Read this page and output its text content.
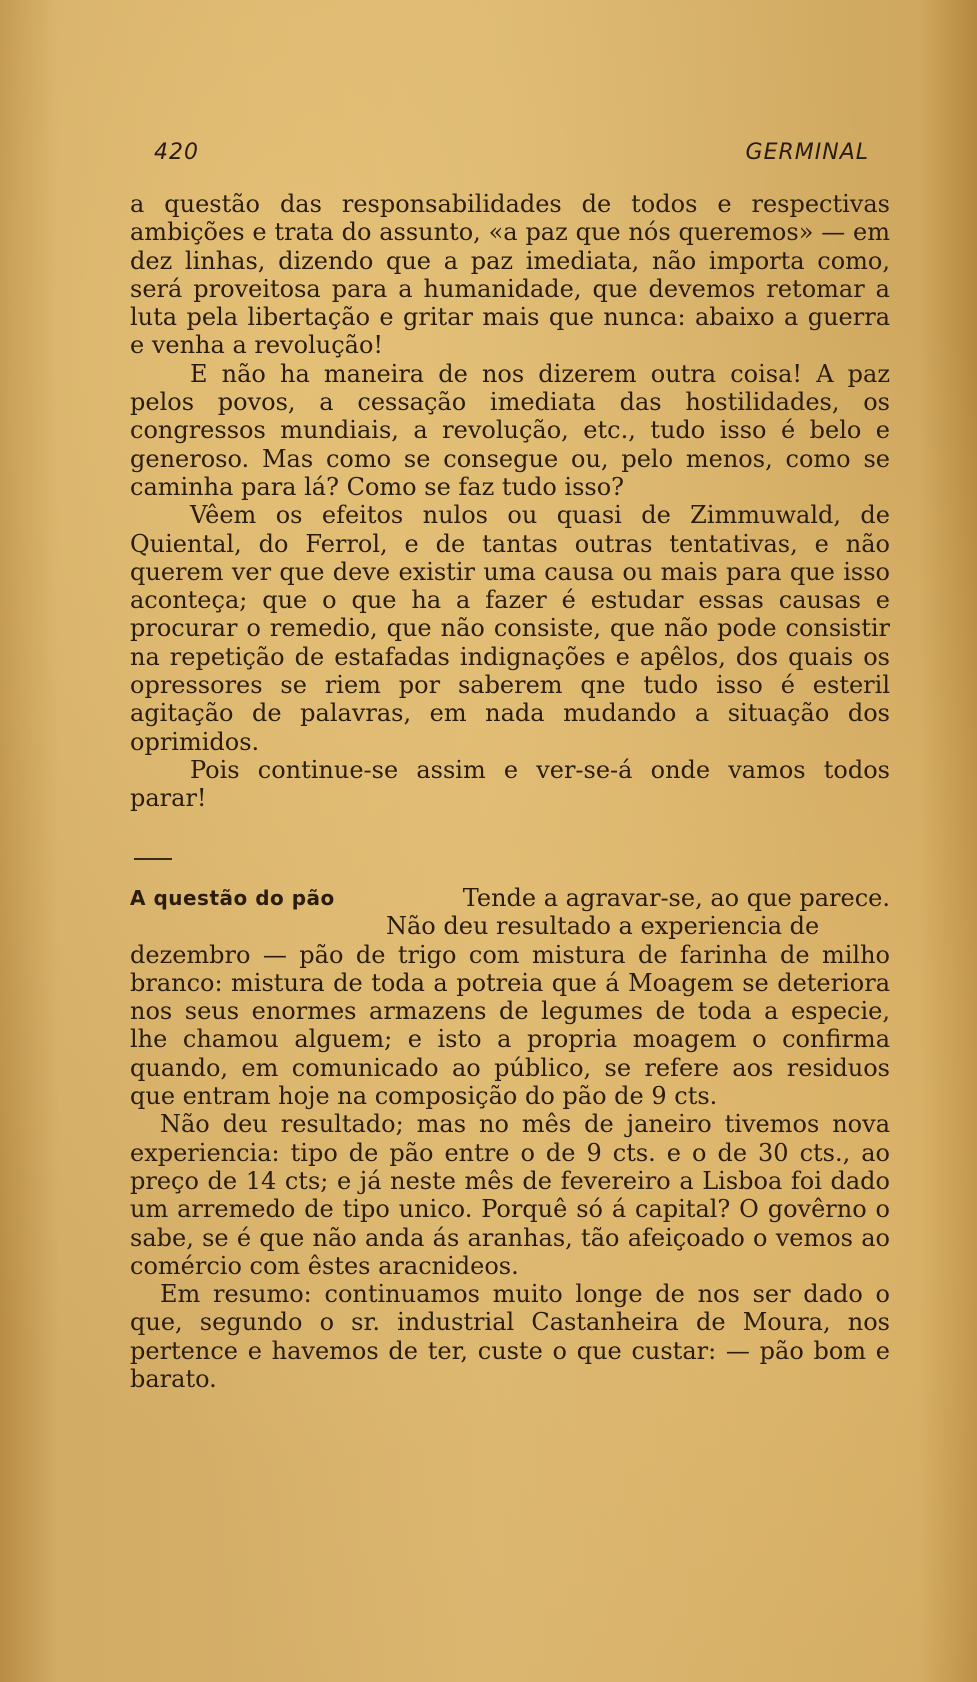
420	GERMINAL

a questão das responsabilidades de todos e respectivas ambições e trata do assunto, «a paz que nós queremos» — em dez linhas, dizendo que a paz imediata, não importa como, será proveitosa para a humanidade, que devemos retomar a luta pela libertação e gritar mais que nunca: abaixo a guerra e venha a revolução!

E não ha maneira de nos dizerem outra coisa! A paz pelos povos, a cessação imediata das hostilidades, os congressos mundiais, a revolução, etc., tudo isso é belo e generoso. Mas como se consegue ou, pelo menos, como se caminha para lá? Como se faz tudo isso?

Vêem os efeitos nulos ou quasi de Zimmuwald, de Quiental, do Ferrol, e de tantas outras tentativas, e não querem ver que deve existir uma causa ou mais para que isso aconteça; que o que ha a fazer é estudar essas causas e procurar o remedio, que não consiste, que não pode consistir na repetição de estafadas indignações e apêlos, dos quais os opressores se riem por saberem qne tudo isso é esteril agitação de palavras, em nada mudando a situação dos oprimidos.

Pois continue-se assim e ver-se-á onde vamos todos parar!

A questão do pão	Tende a agravar-se, ao que parece.

Não deu resultado a experiencia de

dezembro — pão de trigo com mistura de farinha de milho branco: mistura de toda a potreia que á Moagem se deteriora nos seus enormes armazens de legumes de toda a especie, lhe chamou alguem; e isto a propria moagem o confirma quando, em comunicado ao público, se refere aos residuos que entram hoje na composição do pão de 9 cts.

Não deu resultado; mas no mês de janeiro tivemos nova experiencia: tipo de pão entre o de 9 cts. e o de 30 cts., ao preço de 14 cts; e já neste mês de fevereiro a Lisboa foi dado um arremedo de tipo unico. Porquê só á capital? O govêrno o sabe, se é que não anda ás aranhas, tão afeiçoado o vemos ao comércio com êstes aracnideos.

Em resumo: continuamos muito longe de nos ser dado o que, segundo o sr. industrial Castanheira de Moura, nos pertence e havemos de ter, custe o que custar: — pão bom e barato.
